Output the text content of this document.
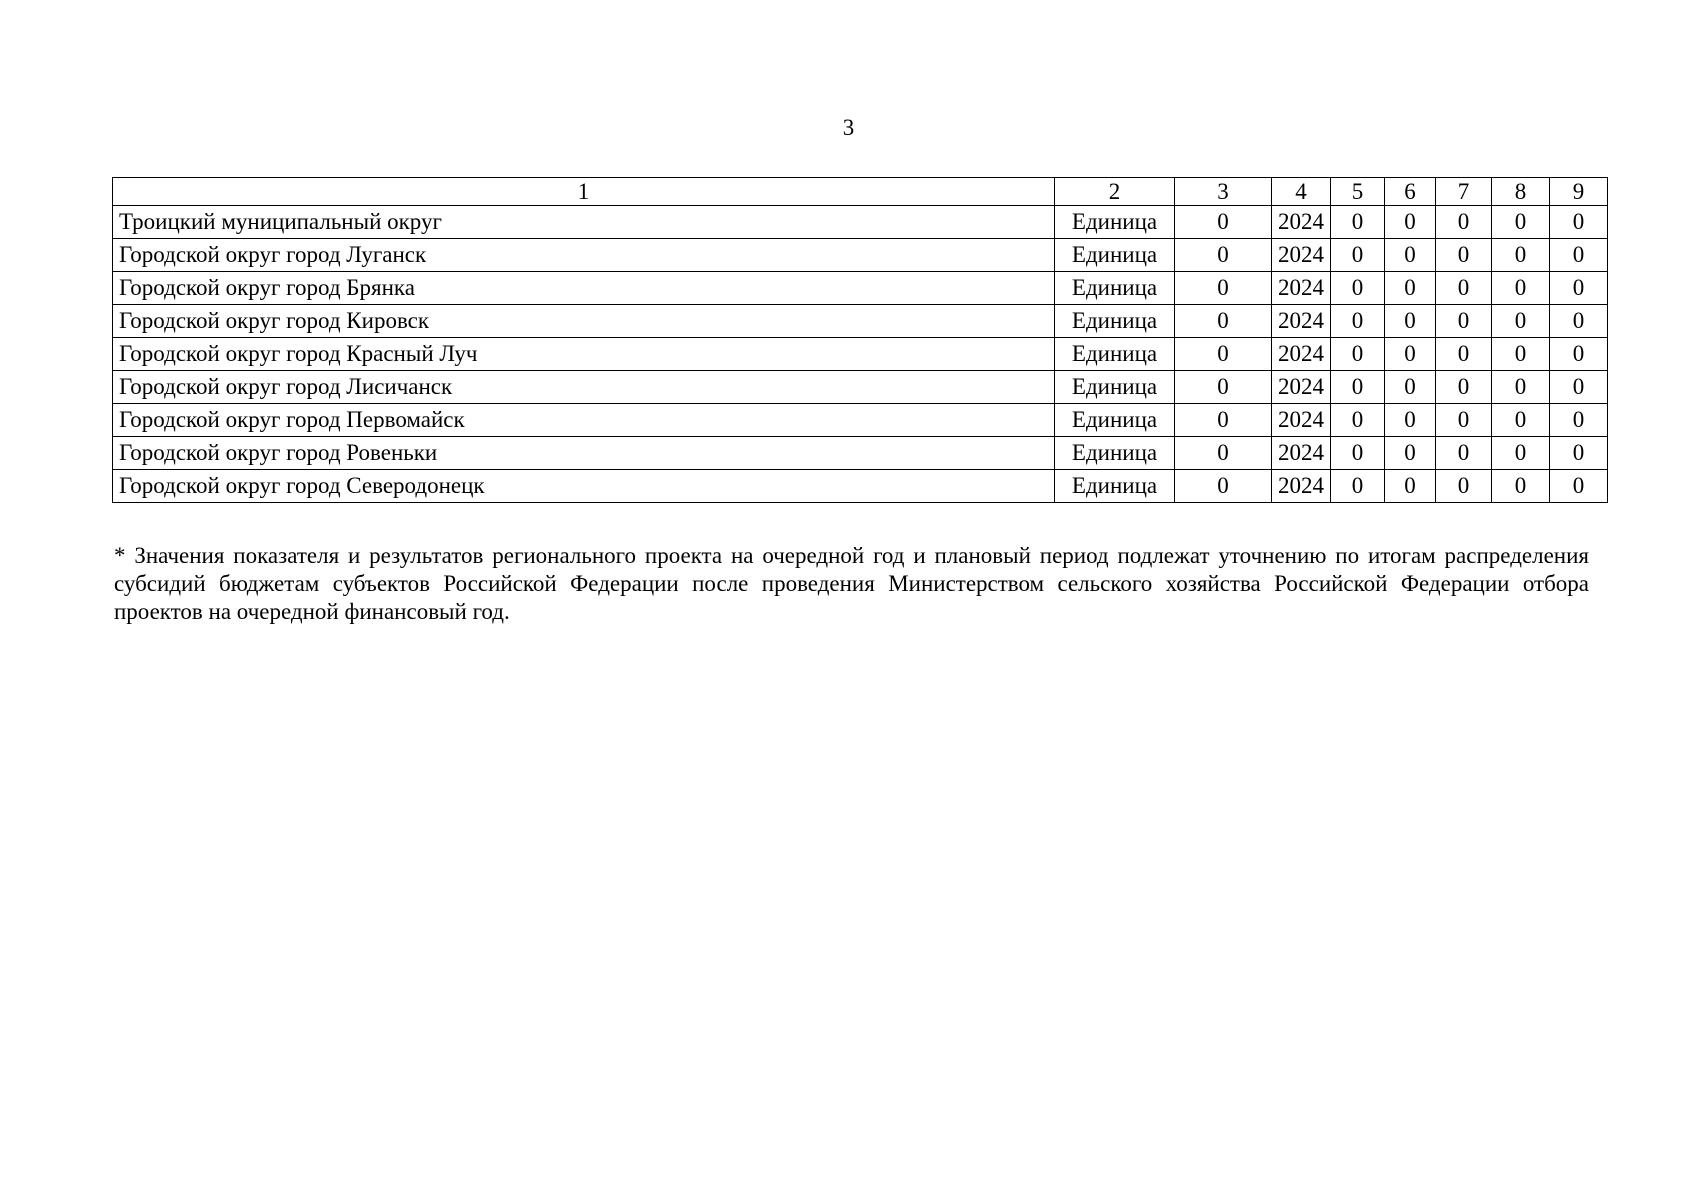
3
1	2	3	4	5	6	7	8	9
Троицкий муниципальный округ	Единица	0	2024	0	0	0	0	0
Городской округ город Луганск	Единица	0	2024	0	0	0	0	0
Городской округ город Брянка	Единица	0	2024	0	0	0	0	0
Городской округ город Кировск	Единица	0	2024	0	0	0	0	0
Городской округ город Красный Луч	Единица	0	2024	0	0	0	0	0
Городской округ город Лисичанск	Единица	0	2024	0	0	0	0	0
Городской округ город Первомайск	Единица	0	2024	0	0	0	0	0
Городской округ город Ровеньки	Единица	0	2024	0	0	0	0	0
Городской округ город Северодонецк	Единица	0	2024	0	0	0	0	0
* Значения показателя и результатов регионального проекта на очередной год и плановый период подлежат уточнению по итогам распределения субсидий бюджетам субъектов Российской Федерации после проведения Министерством сельского хозяйства Российской Федерации отбора проектов на очередной финансовый год.
